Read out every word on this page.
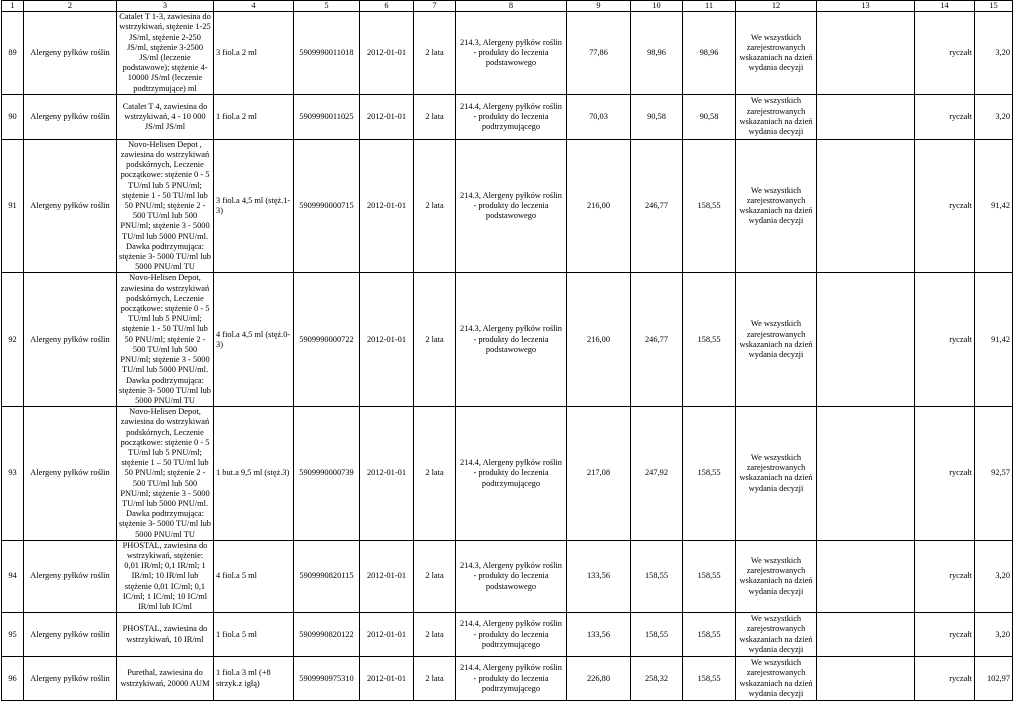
1	2	3	4	5	6	7	8	9	10	11	12	13	14	15
89	Alergeny pyłków roślin	Catalet T 1-3, zawiesina do wstrzykiwań, stężenie 1-25 JS/ml, stężenie 2-250 JS/ml, stężenie 3-2500 JS/ml (leczenie podstawowe); stężenie 4-10000 JS/ml (leczenie podtrzymujące) ml	3 fiol.a 2 ml	5909990011018	2012-01-01	2 lata	214.3, Alergeny pyłków roślin - produkty do leczenia podstawowego	77,86	98,96	98,96	We wszystkich zarejestrowanych wskazaniach na dzień wydania decyzji		ryczałt	3,20
90	Alergeny pyłków roślin	Catalet T 4, zawiesina do wstrzykiwań, 4 - 10 000 JS/ml JS/ml	1 fiol.a 2 ml	5909990011025	2012-01-01	2 lata	214.4, Alergeny pyłków roślin - produkty do leczenia podtrzymującego	70,03	90,58	90,58	We wszystkich zarejestrowanych wskazaniach na dzień wydania decyzji		ryczałt	3,20
91	Alergeny pyłków roślin	Novo-Helisen Depot , zawiesina do wstrzykiwań podskórnych, Leczenie początkowe: stężenie 0 - 5 TU/ml lub 5 PNU/ml; stężenie 1 - 50 TU/ml lub 50 PNU/ml; stężenie 2 - 500 TU/ml lub 500 PNU/ml; stężenie 3 - 5000 TU/ml lub 5000 PNU/ml. Dawka podtrzymująca: stężenie 3- 5000 TU/ml lub 5000 PNU/ml TU	3 fiol.a 4,5 ml (stęż.1-3)	5909990000715	2012-01-01	2 lata	214.3, Alergeny pyłków roślin - produkty do leczenia podstawowego	216,00	246,77	158,55	We wszystkich zarejestrowanych wskazaniach na dzień wydania decyzji		ryczałt	91,42
92	Alergeny pyłków roślin	Novo-Helisen Depot, zawiesina do wstrzykiwań podskórnych, Leczenie początkowe: stężenie 0 - 5 TU/ml lub 5 PNU/ml; stężenie 1 - 50 TU/ml lub 50 PNU/ml; stężenie 2 - 500 TU/ml lub 500 PNU/ml; stężenie 3 - 5000 TU/ml lub 5000 PNU/ml. Dawka podtrzymująca: stężenie 3- 5000 TU/ml lub 5000 PNU/ml TU	4 fiol.a 4,5 ml (stęż.0-3)	5909990000722	2012-01-01	2 lata	214.3, Alergeny pyłków roślin - produkty do leczenia podstawowego	216,00	246,77	158,55	We wszystkich zarejestrowanych wskazaniach na dzień wydania decyzji		ryczałt	91,42
93	Alergeny pyłków roślin	Novo-Helisen Depot, zawiesina do wstrzykiwań podskórnych, Leczenie początkowe: stężenie 0 - 5 TU/ml lub 5 PNU/ml; stężenie 1 – 50 TU/ml lub 50 PNU/ml; stężenie 2 - 500 TU/ml lub 500 PNU/ml; stężenie 3 - 5000 TU/ml lub 5000 PNU/ml. Dawka podtrzymująca: stężenie 3- 5000 TU/ml lub 5000 PNU/ml TU	1 but.a 9,5 ml (stęż.3)	5909990000739	2012-01-01	2 lata	214.4, Alergeny pyłków roślin - produkty do leczenia podtrzymującego	217,08	247,92	158,55	We wszystkich zarejestrowanych wskazaniach na dzień wydania decyzji		ryczałt	92,57
94	Alergeny pyłków roślin	PHOSTAL, zawiesina do wstrzykiwań, stężenie: 0,01 IR/ml; 0,1 IR/ml; 1 IR/ml; 10 IR/ml lub stężenie 0,01 IC/ml; 0,1 IC/ml; 1 IC/ml; 10 IC/ml IR/ml lub IC/ml	4 fiol.a 5 ml	5909990820115	2012-01-01	2 lata	214.3, Alergeny pyłków roślin - produkty do leczenia podstawowego	133,56	158,55	158,55	We wszystkich zarejestrowanych wskazaniach na dzień wydania decyzji		ryczałt	3,20
95	Alergeny pyłków roślin	PHOSTAL, zawiesina do wstrzykiwań, 10 IR/ml	1 fiol.a 5 ml	5909990820122	2012-01-01	2 lata	214.4, Alergeny pyłków roślin - produkty do leczenia podtrzymującego	133,56	158,55	158,55	We wszystkich zarejestrowanych wskazaniach na dzień wydania decyzji		ryczałt	3,20
96	Alergeny pyłków roślin	Purethal, zawiesina do wstrzykiwań, 20000 AUM	1 fiol.a 3 ml (+8 strzyk.z igłą)	5909990975310	2012-01-01	2 lata	214.4, Alergeny pyłków roślin - produkty do leczenia podtrzymującego	226,80	258,32	158,55	We wszystkich zarejestrowanych wskazaniach na dzień wydania decyzji		ryczałt	102,97
